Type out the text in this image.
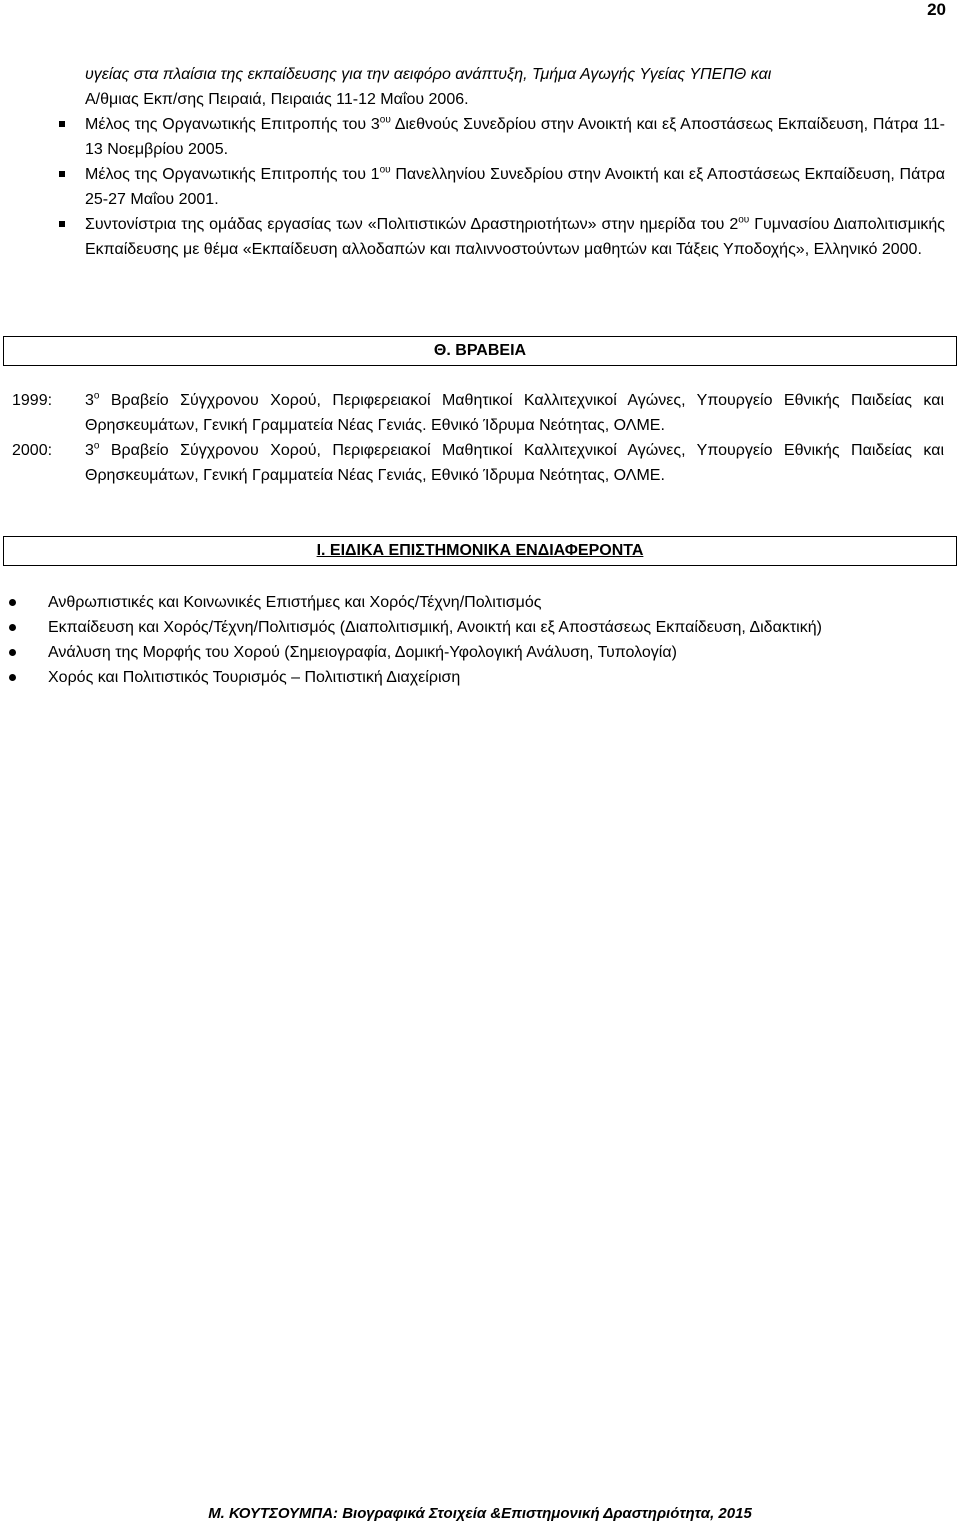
20

υγείας στα πλαίσια της εκπαίδευσης για την αειφόρο ανάπτυξη, Τμήμα Αγωγής Υγείας ΥΠΕΠΘ και
Α/θμιας Εκπ/σης Πειραιά, Πειραιάς 11-12 Μαΐου 2006.

Μέλος της Οργανωτικής Επιτροπής του $3^{o\upsilon}$ Διεθνούς Συνεδρίου στην Ανοικτή και εξ Αποστάσεως Εκπαίδευση, Πάτρα 11-13 Νοεμβρίου 2005.
Μέλος της Οργανωτικής Επιτροπής του $1^{o\upsilon}$ Πανελληνίου Συνεδρίου στην Ανοικτή και εξ Αποστάσεως Εκπαίδευση, Πάτρα 25-27 Μαΐου 2001.
Συντονίστρια της ομάδας εργασίας των «Πολιτιστικών Δραστηριοτήτων» στην ημερίδα του $2^{o\upsilon}$ Γυμνασίου Διαπολιτισμικής Εκπαίδευσης με θέμα «Εκπαίδευση αλλοδαπών και παλιννοστούντων μαθητών και Τάξεις Υποδοχής», Ελληνικό 2000.
Θ. ΒΡΑΒΕΙΑ
1999: $3^o$ Βραβείο Σύγχρονου Χορού, Περιφερειακοί Μαθητικοί Καλλιτεχνικοί Αγώνες, Υπουργείο Εθνικής Παιδείας και Θρησκευμάτων, Γενική Γραμματεία Νέας Γενιάς. Εθνικό Ίδρυμα Νεότητας, ΟΛΜΕ.
2000: $3^o$ Βραβείο Σύγχρονου Χορού, Περιφερειακοί Μαθητικοί Καλλιτεχνικοί Αγώνες, Υπουργείο Εθνικής Παιδείας και Θρησκευμάτων, Γενική Γραμματεία Νέας Γενιάς, Εθνικό Ίδρυμα Νεότητας, ΟΛΜΕ.
Ι. ΕΙΔΙΚΑ ΕΠΙΣΤΗΜΟΝΙΚΑ ΕΝΔΙΑΦΕΡΟΝΤΑ
Ανθρωπιστικές και Κοινωνικές Επιστήμες και Χορός/Τέχνη/Πολιτισμός
Εκπαίδευση και Χορός/Τέχνη/Πολιτισμός (Διαπολιτισμική, Ανοικτή και εξ Αποστάσεως Εκπαίδευση, Διδακτική)
Ανάλυση της Μορφής του Χορού (Σημειογραφία, Δομική-Υφολογική Ανάλυση, Τυπολογία)
Χορός και Πολιτιστικός Τουρισμός – Πολιτιστική Διαχείριση
Μ. ΚΟΥΤΣΟΥΜΠΑ: Βιογραφικά Στοιχεία &Επιστημονική Δραστηριότητα, 2015
